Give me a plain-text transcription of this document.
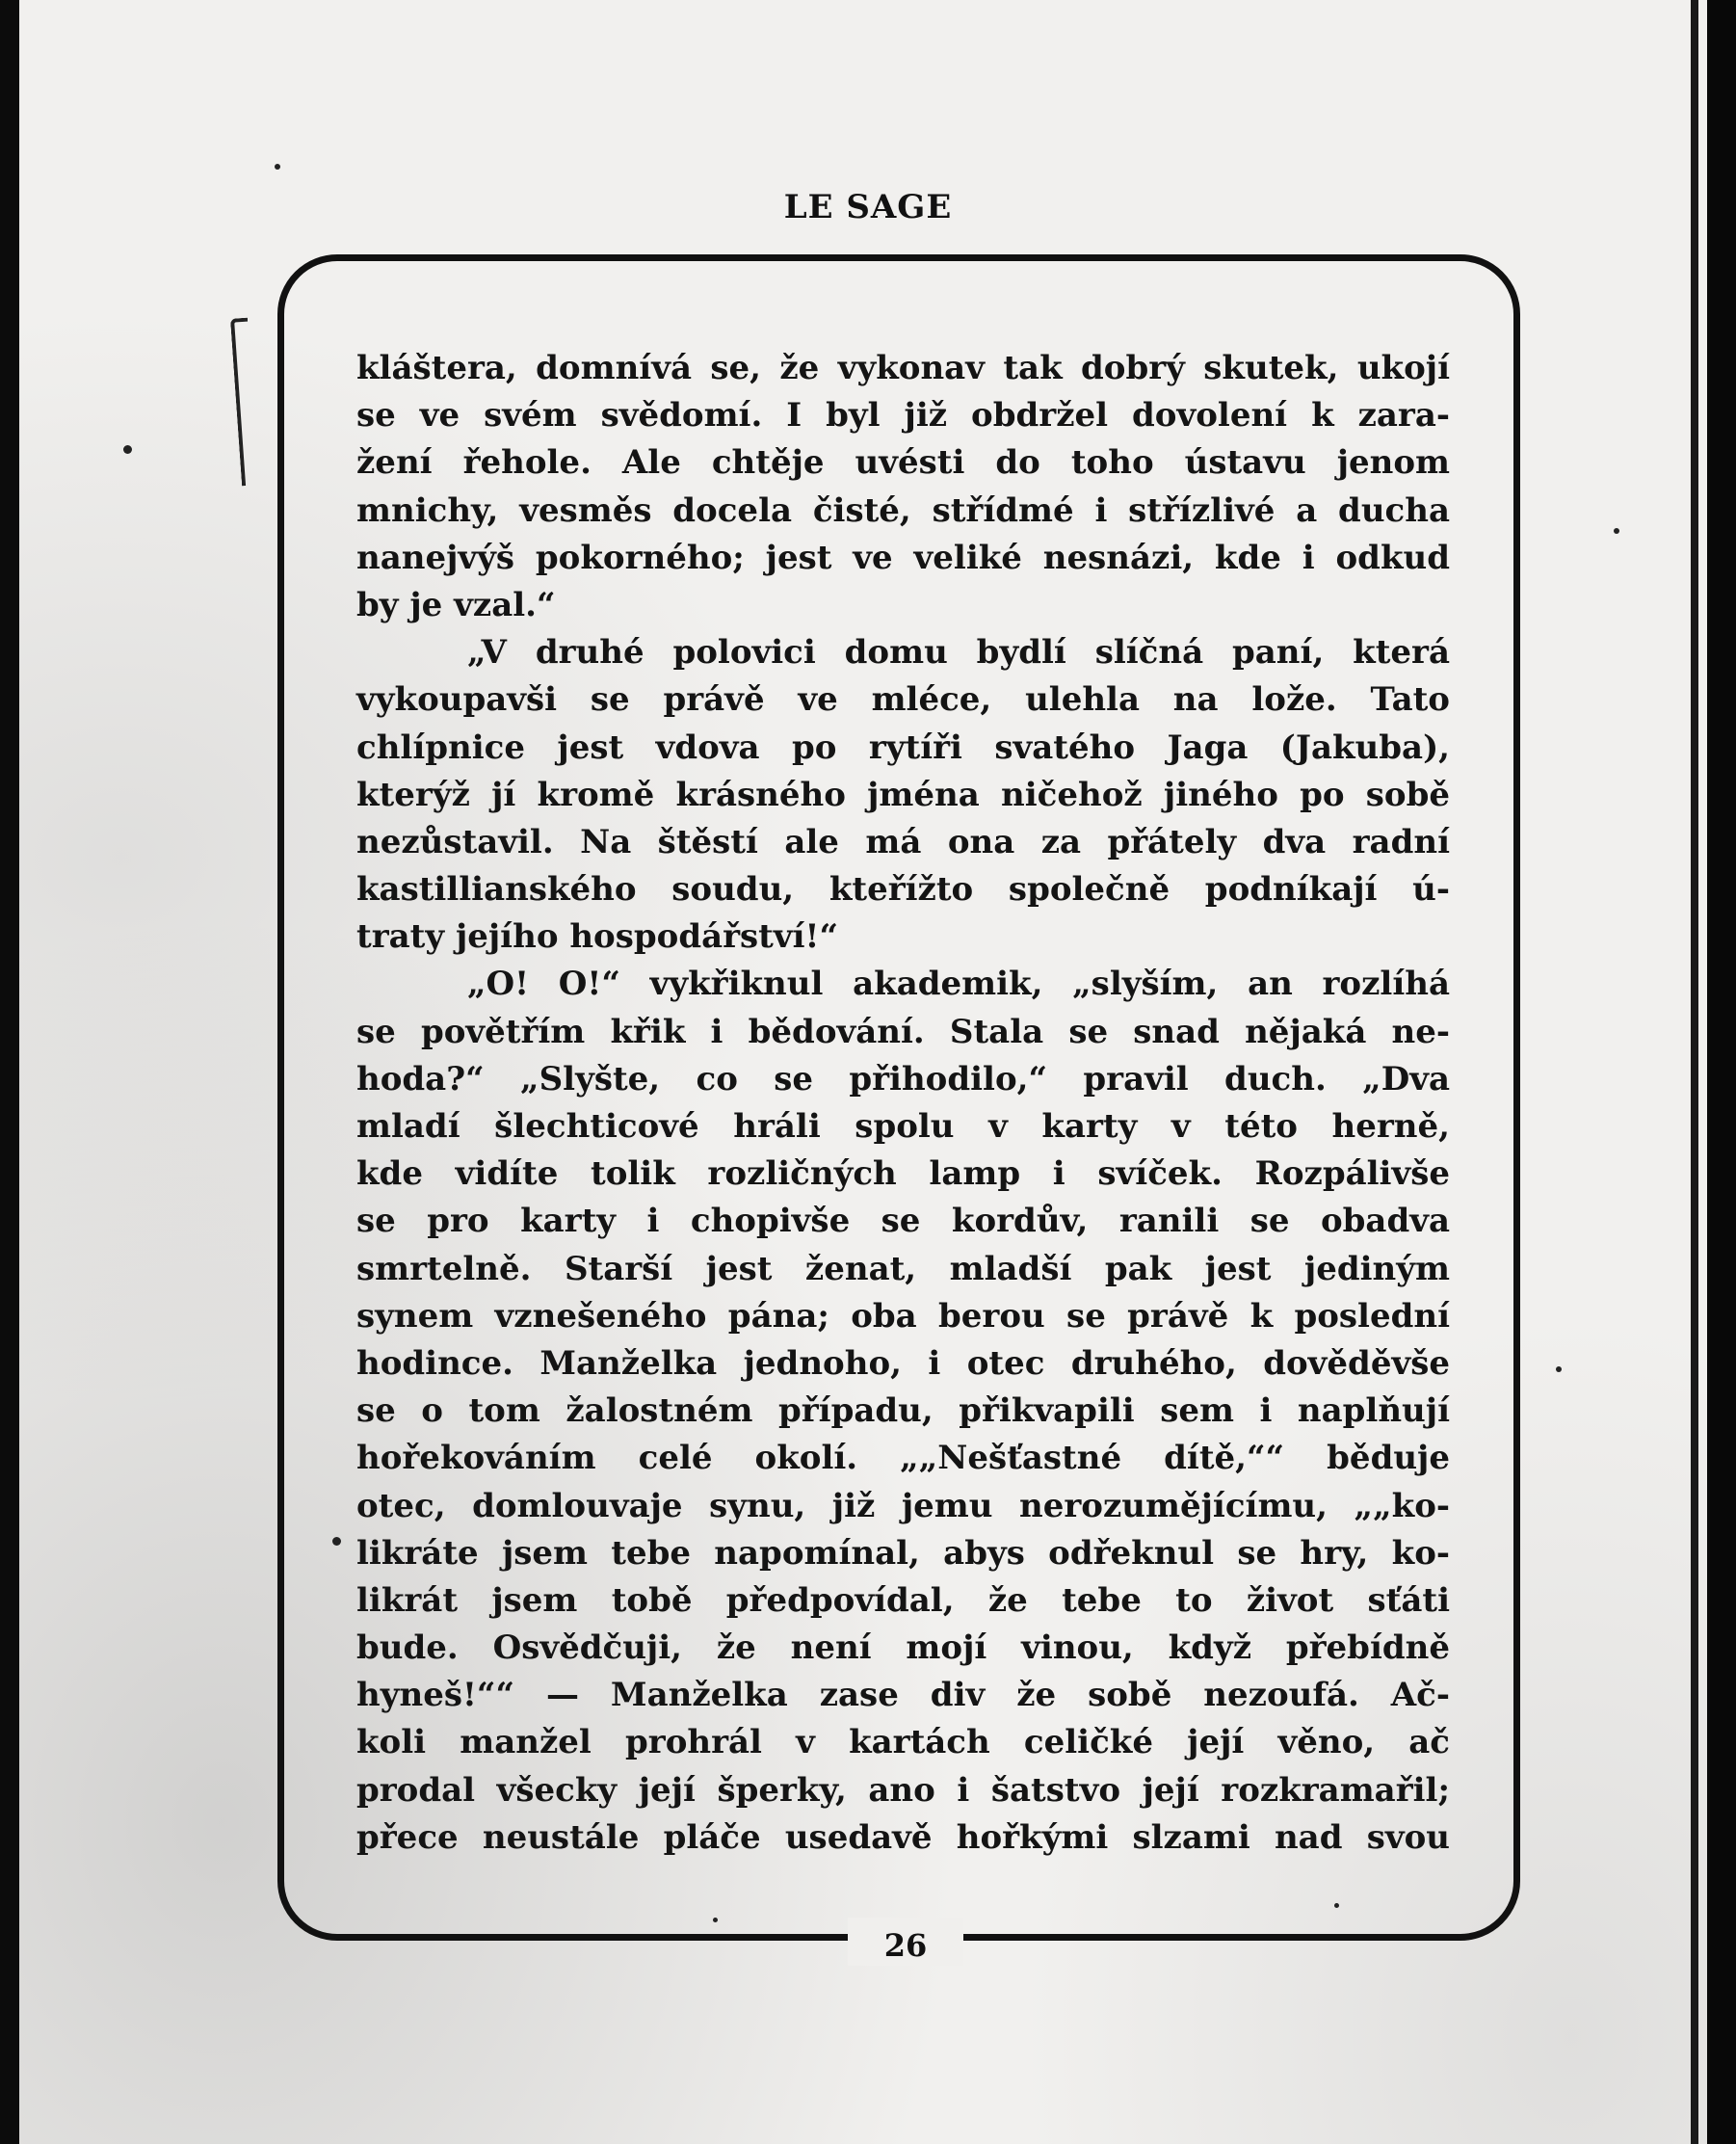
LE SAGE
26
kláštera, domnívá se, že vykonav tak dobrý skutek, ukojí
se ve svém svědomí. I byl již obdržel dovolení k zara-
žení řehole. Ale chtěje uvésti do toho ústavu jenom
mnichy, vesměs docela čisté, střídmé i střízlivé a ducha
nanejvýš pokorného; jest ve veliké nesnázi, kde i odkud
by je vzal.“
„V druhé polovici domu bydlí slíčná paní, která
vykoupavši se právě ve mléce, ulehla na lože. Tato
chlípnice jest vdova po rytíři svatého Jaga (Jakuba),
kterýž jí kromě krásného jména ničehož jiného po sobě
nezůstavil. Na štěstí ale má ona za přátely dva radní
kastillianského soudu, kteřížto společně podníkají ú-
traty jejího hospodářství!“
„O! O!“ vykřiknul akademik, „slyším, an rozlíhá
se povětřím křik i bědování. Stala se snad nějaká ne-
hoda?“ „Slyšte, co se přihodilo,“ pravil duch. „Dva
mladí šlechticové hráli spolu v karty v této herně,
kde vidíte tolik rozličných lamp i svíček. Rozpálivše
se pro karty i chopivše se kordův, ranili se obadva
smrtelně. Starší jest ženat, mladší pak jest jediným
synem vznešeného pána; oba berou se právě k poslední
hodince. Manželka jednoho, i otec druhého, dověděvše
se o tom žalostném případu, přikvapili sem i naplňují
hořekováním celé okolí. „„Nešťastné dítě,““ běduje
otec, domlouvaje synu, již jemu nerozumějícímu, „„ko-
likráte jsem tebe napomínal, abys odřeknul se hry, ko-
likrát jsem tobě předpovídal, že tebe to život sťáti
bude. Osvědčuji, že není mojí vinou, když přebídně
hyneš!““ — Manželka zase div že sobě nezoufá. Ač-
koli manžel prohrál v kartách celičké její věno, ač
prodal všecky její šperky, ano i šatstvo její rozkramařil;
přece neustále pláče usedavě hořkými slzami nad svou
